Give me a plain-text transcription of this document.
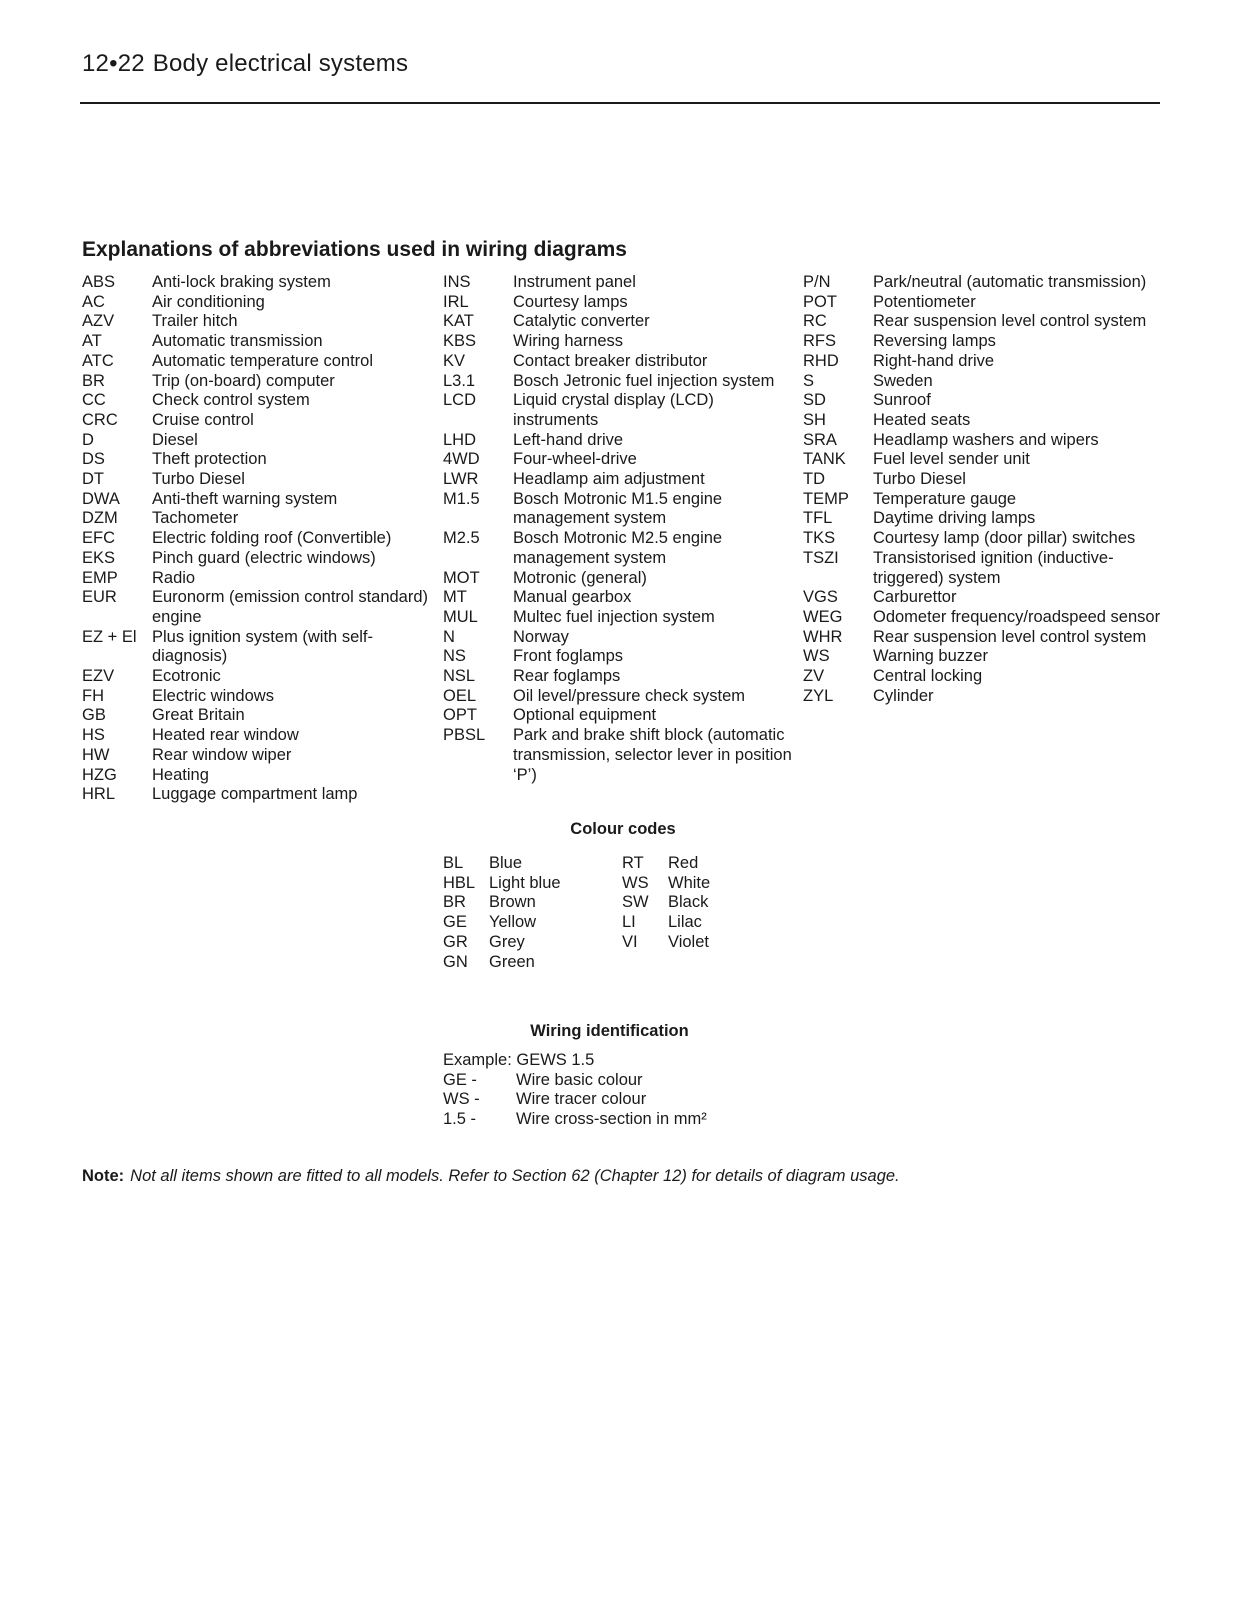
12•22 Body electrical systems
Explanations of abbreviations used in wiring diagrams
ABS	Anti-lock braking system
AC	Air conditioning
AZV	Trailer hitch
AT	Automatic transmission
ATC	Automatic temperature control
BR	Trip (on-board) computer
CC	Check control system
CRC	Cruise control
D	Diesel
DS	Theft protection
DT	Turbo Diesel
DWA	Anti-theft warning system
DZM	Tachometer
EFC	Electric folding roof (Convertible)
EKS	Pinch guard (electric windows)
EMP	Radio
EUR	Euronorm (emission control standard) engine
EZ + El Plus ignition system (with self-diagnosis)
EZV	Ecotronic
FH	Electric windows
GB	Great Britain
HS	Heated rear window
HW	Rear window wiper
HZG	Heating
HRL	Luggage compartment lamp
INS	Instrument panel
IRL	Courtesy lamps
KAT	Catalytic converter
KBS	Wiring harness
KV	Contact breaker distributor
L3.1	Bosch Jetronic fuel injection system
LCD	Liquid crystal display (LCD) instruments
LHD	Left-hand drive
4WD	Four-wheel-drive
LWR	Headlamp aim adjustment
M1.5	Bosch Motronic M1.5 engine management system
M2.5	Bosch Motronic M2.5 engine management system
MOT	Motronic (general)
MT	Manual gearbox
MUL	Multec fuel injection system
N	Norway
NS	Front foglamps
NSL	Rear foglamps
OEL	Oil level/pressure check system
OPT	Optional equipment
PBSL	Park and brake shift block (automatic transmission, selector lever in position ‘P’)
P/N	Park/neutral (automatic transmission)
POT	Potentiometer
RC	Rear suspension level control system
RFS	Reversing lamps
RHD	Right-hand drive
S	Sweden
SD	Sunroof
SH	Heated seats
SRA	Headlamp washers and wipers
TANK	Fuel level sender unit
TD	Turbo Diesel
TEMP	Temperature gauge
TFL	Daytime driving lamps
TKS	Courtesy lamp (door pillar) switches
TSZI	Transistorised ignition (inductive-triggered) system
VGS	Carburettor
WEG	Odometer frequency/roadspeed sensor
WHR	Rear suspension level control system
WS	Warning buzzer
ZV	Central locking
ZYL	Cylinder
Colour codes
BL	Blue
HBL Light blue
BR	Brown
GE	Yellow
GR	Grey
GN	Green
RT	Red
WS	White
SW	Black
LI	Lilac
VI	Violet
Wiring identification
Example: GEWS 1.5
GE -	Wire basic colour
WS -	Wire tracer colour
1.5 -	Wire cross-section in mm²
Note: Not all items shown are fitted to all models. Refer to Section 62 (Chapter 12) for details of diagram usage.
